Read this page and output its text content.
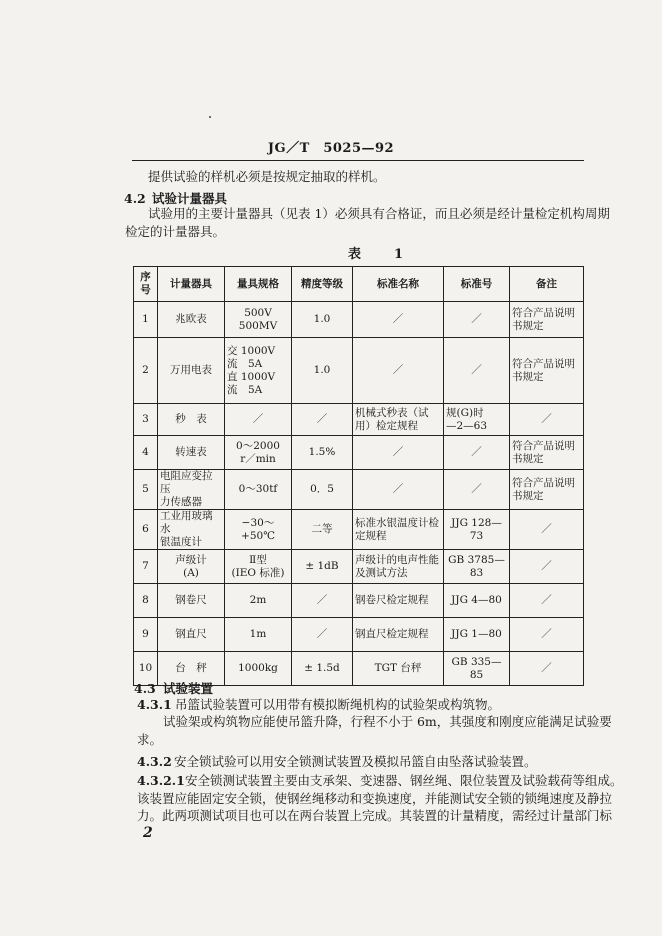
JG／T　5025—92
提供试验的样机必须是按规定抽取的样机。
4.2 试验计量器具
试验用的主要计量器具（见表 1）必须具有合格证，而且必须是经计量检定机构周期
检定的计量器具。
表　1
序
号	计量器具	量具规格	精度等级	标准名称	标准号	备注
1	兆欧表	500V
500MV	1.0	／	／	符合产品说明
书规定
2	万用电表	交 1000V
流　5A
直 1000V
流　5A	1.0	／	／	符合产品说明
书规定
3	秒　表	／	／	机械式秒表（试
用）检定规程	规(G)时
—2—63	／
4	转速表	0～2000
r／min	1.5%	／	／	符合产品说明
书规定
5	电阻应变拉压
力传感器	0～30tf	0．5	／	／	符合产品说明
书规定
6	工业用玻璃水
银温度计	−30～+50℃	二等	标准水银温度计检
定规程	JJG 128—73	／
7	声级计
(A)	Ⅱ型
(IEO 标准)	± 1dB	声级计的电声性能
及测试方法	GB 3785—83	／
8	钢卷尺	2m	／	钢卷尺检定规程	JJG 4—80	／
9	钢直尺	1m	／	钢直尺检定规程	JJG 1—80	／
10	台　秤	1000kg	± 1.5d	TGT 台秤	GB 335—85	／
4.3 试验装置
4.3.1 吊篮试验装置可以用带有模拟断绳机构的试验架或构筑物。
试验架或构筑物应能使吊篮升降，行程不小于 6m，其强度和刚度应能满足试验要
求。
4.3.2 安全锁试验可以用安全锁测试装置及模拟吊篮自由坠落试验装置。
4.3.2.1 安全锁测试装置主要由支承架、变速器、钢丝绳、限位装置及试验载荷等组成。
该装置应能固定安全锁，使钢丝绳移动和变换速度，并能测试安全锁的锁绳速度及静拉
力。此两项测试项目也可以在两台装置上完成。其装置的计量精度，需经过计量部门标
2
